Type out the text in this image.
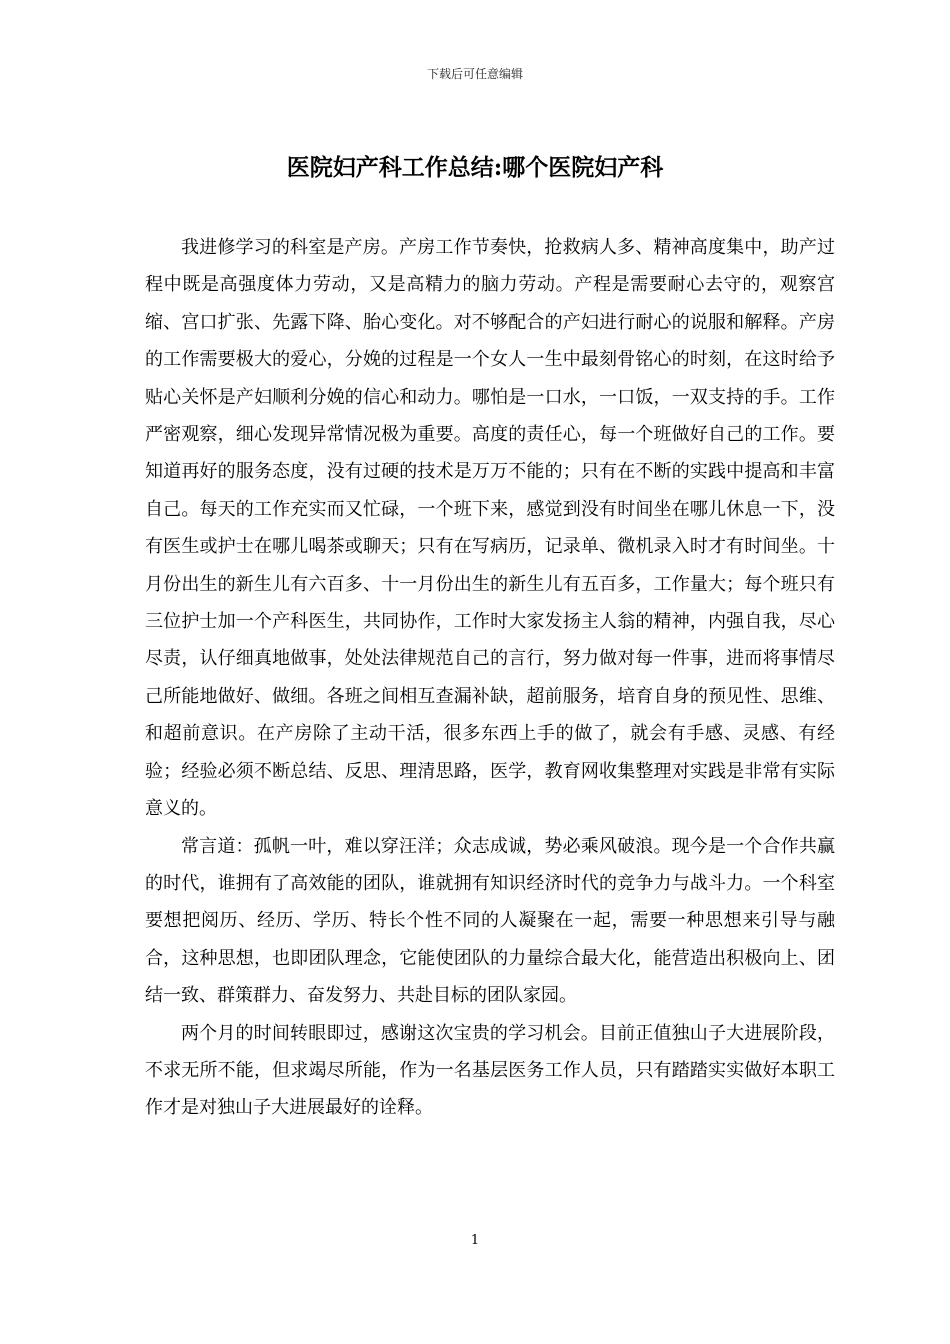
下载后可任意编辑
医院妇产科工作总结:哪个医院妇产科

我进修学习的科室是产房。产房工作节奏快，抢救病人多、精神高度集中，助产过程中既是高强度体力劳动，又是高精力的脑力劳动。产程是需要耐心去守的，观察宫缩、宫口扩张、先露下降、胎心变化。对不够配合的产妇进行耐心的说服和解释。产房的工作需要极大的爱心，分娩的过程是一个女人一生中最刻骨铭心的时刻，在这时给予贴心关怀是产妇顺利分娩的信心和动力。哪怕是一口水，一口饭，一双支持的手。工作严密观察，细心发现异常情况极为重要。高度的责任心，每一个班做好自己的工作。要知道再好的服务态度，没有过硬的技术是万万不能的；只有在不断的实践中提高和丰富自己。每天的工作充实而又忙碌，一个班下来，感觉到没有时间坐在哪儿休息一下，没有医生或护士在哪儿喝茶或聊天；只有在写病历，记录单、微机录入时才有时间坐。十月份出生的新生儿有六百多、十一月份出生的新生儿有五百多，工作量大；每个班只有三位护士加一个产科医生，共同协作，工作时大家发扬主人翁的精神，内强自我，尽心尽责，认仔细真地做事，处处法律规范自己的言行，努力做对每一件事，进而将事情尽己所能地做好、做细。各班之间相互查漏补缺，超前服务，培育自身的预见性、思维、和超前意识。在产房除了主动干活，很多东西上手的做了，就会有手感、灵感、有经验；经验必须不断总结、反思、理清思路，医学，教育网收集整理对实践是非常有实际意义的。

常言道：孤帆一叶，难以穿汪洋；众志成诚，势必乘风破浪。现今是一个合作共赢的时代，谁拥有了高效能的团队，谁就拥有知识经济时代的竞争力与战斗力。一个科室要想把阅历、经历、学历、特长个性不同的人凝聚在一起，需要一种思想来引导与融合，这种思想，也即团队理念，它能使团队的力量综合最大化，能营造出积极向上、团结一致、群策群力、奋发努力、共赴目标的团队家园。

两个月的时间转眼即过，感谢这次宝贵的学习机会。目前正值独山子大进展阶段，不求无所不能，但求竭尽所能，作为一名基层医务工作人员，只有踏踏实实做好本职工作才是对独山子大进展最好的诠释。

1
